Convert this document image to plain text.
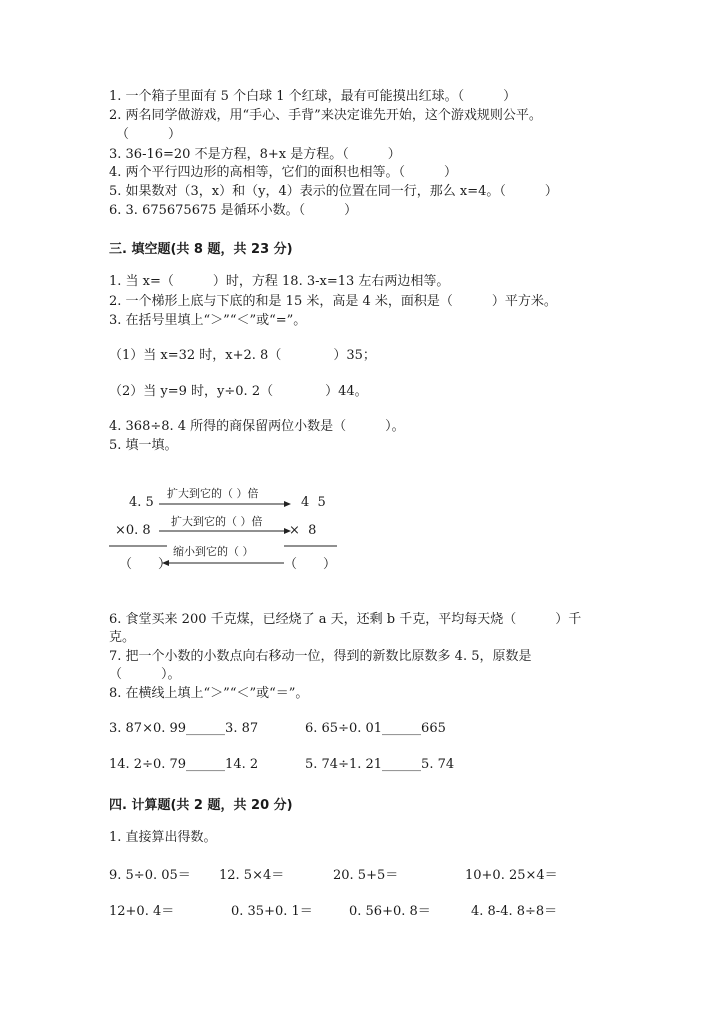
1. 一个箱子里面有 5 个白球 1 个红球，最有可能摸出红球。（　　　）
2. 两名同学做游戏，用“手心、手背”来决定谁先开始，这个游戏规则公平。
（　　　）
3. 36-16=20 不是方程，8+x 是方程。（　　　）
4. 两个平行四边形的高相等，它们的面积也相等。（　　　）
5. 如果数对（3，x）和（y，4）表示的位置在同一行，那么 x=4。（　　　）
6. 3. 675675675 是循环小数。（　　　）
三. 填空题(共 8 题，共 23 分)
1. 当 x=（　　　）时，方程 18. 3-x=13 左右两边相等。
2. 一个梯形上底与下底的和是 15 米，高是 4 米，面积是（　　　）平方米。
3. 在括号里填上“＞”“＜”或“=”。
（1）当 x=32 时，x+2. 8（　　　　）35；
（2）当 y=9 时，y÷0. 2（　　　　）44。
4. 368÷8. 4 所得的商保留两位小数是（　　　）。
5. 填一填。
4. 5
扩大到它的（ ）倍
4  5
×0. 8
扩大到它的（ ）倍
×  8
缩小到它的（ ）
（　　）	（　　）
6. 食堂买来 200 千克煤，已经烧了 a 天，还剩 b 千克，平均每天烧（　　　）千
克。
7. 把一个小数的小数点向右移动一位，得到的新数比原数多 4. 5，原数是
（　　　）。
8. 在横线上填上“＞”“＜”或“＝”。
3. 87×0. 99______3. 87	6. 65÷0. 01______665
14. 2÷0. 79______14. 2	5. 74÷1. 21______5. 74
四. 计算题(共 2 题，共 20 分)
1. 直接算出得数。
9. 5÷0. 05＝ 12. 5×4＝	20. 5+5＝	10+0. 25×4＝
12+0. 4＝	0. 35+0. 1＝	0. 56+0. 8＝	4. 8-4. 8÷8＝
